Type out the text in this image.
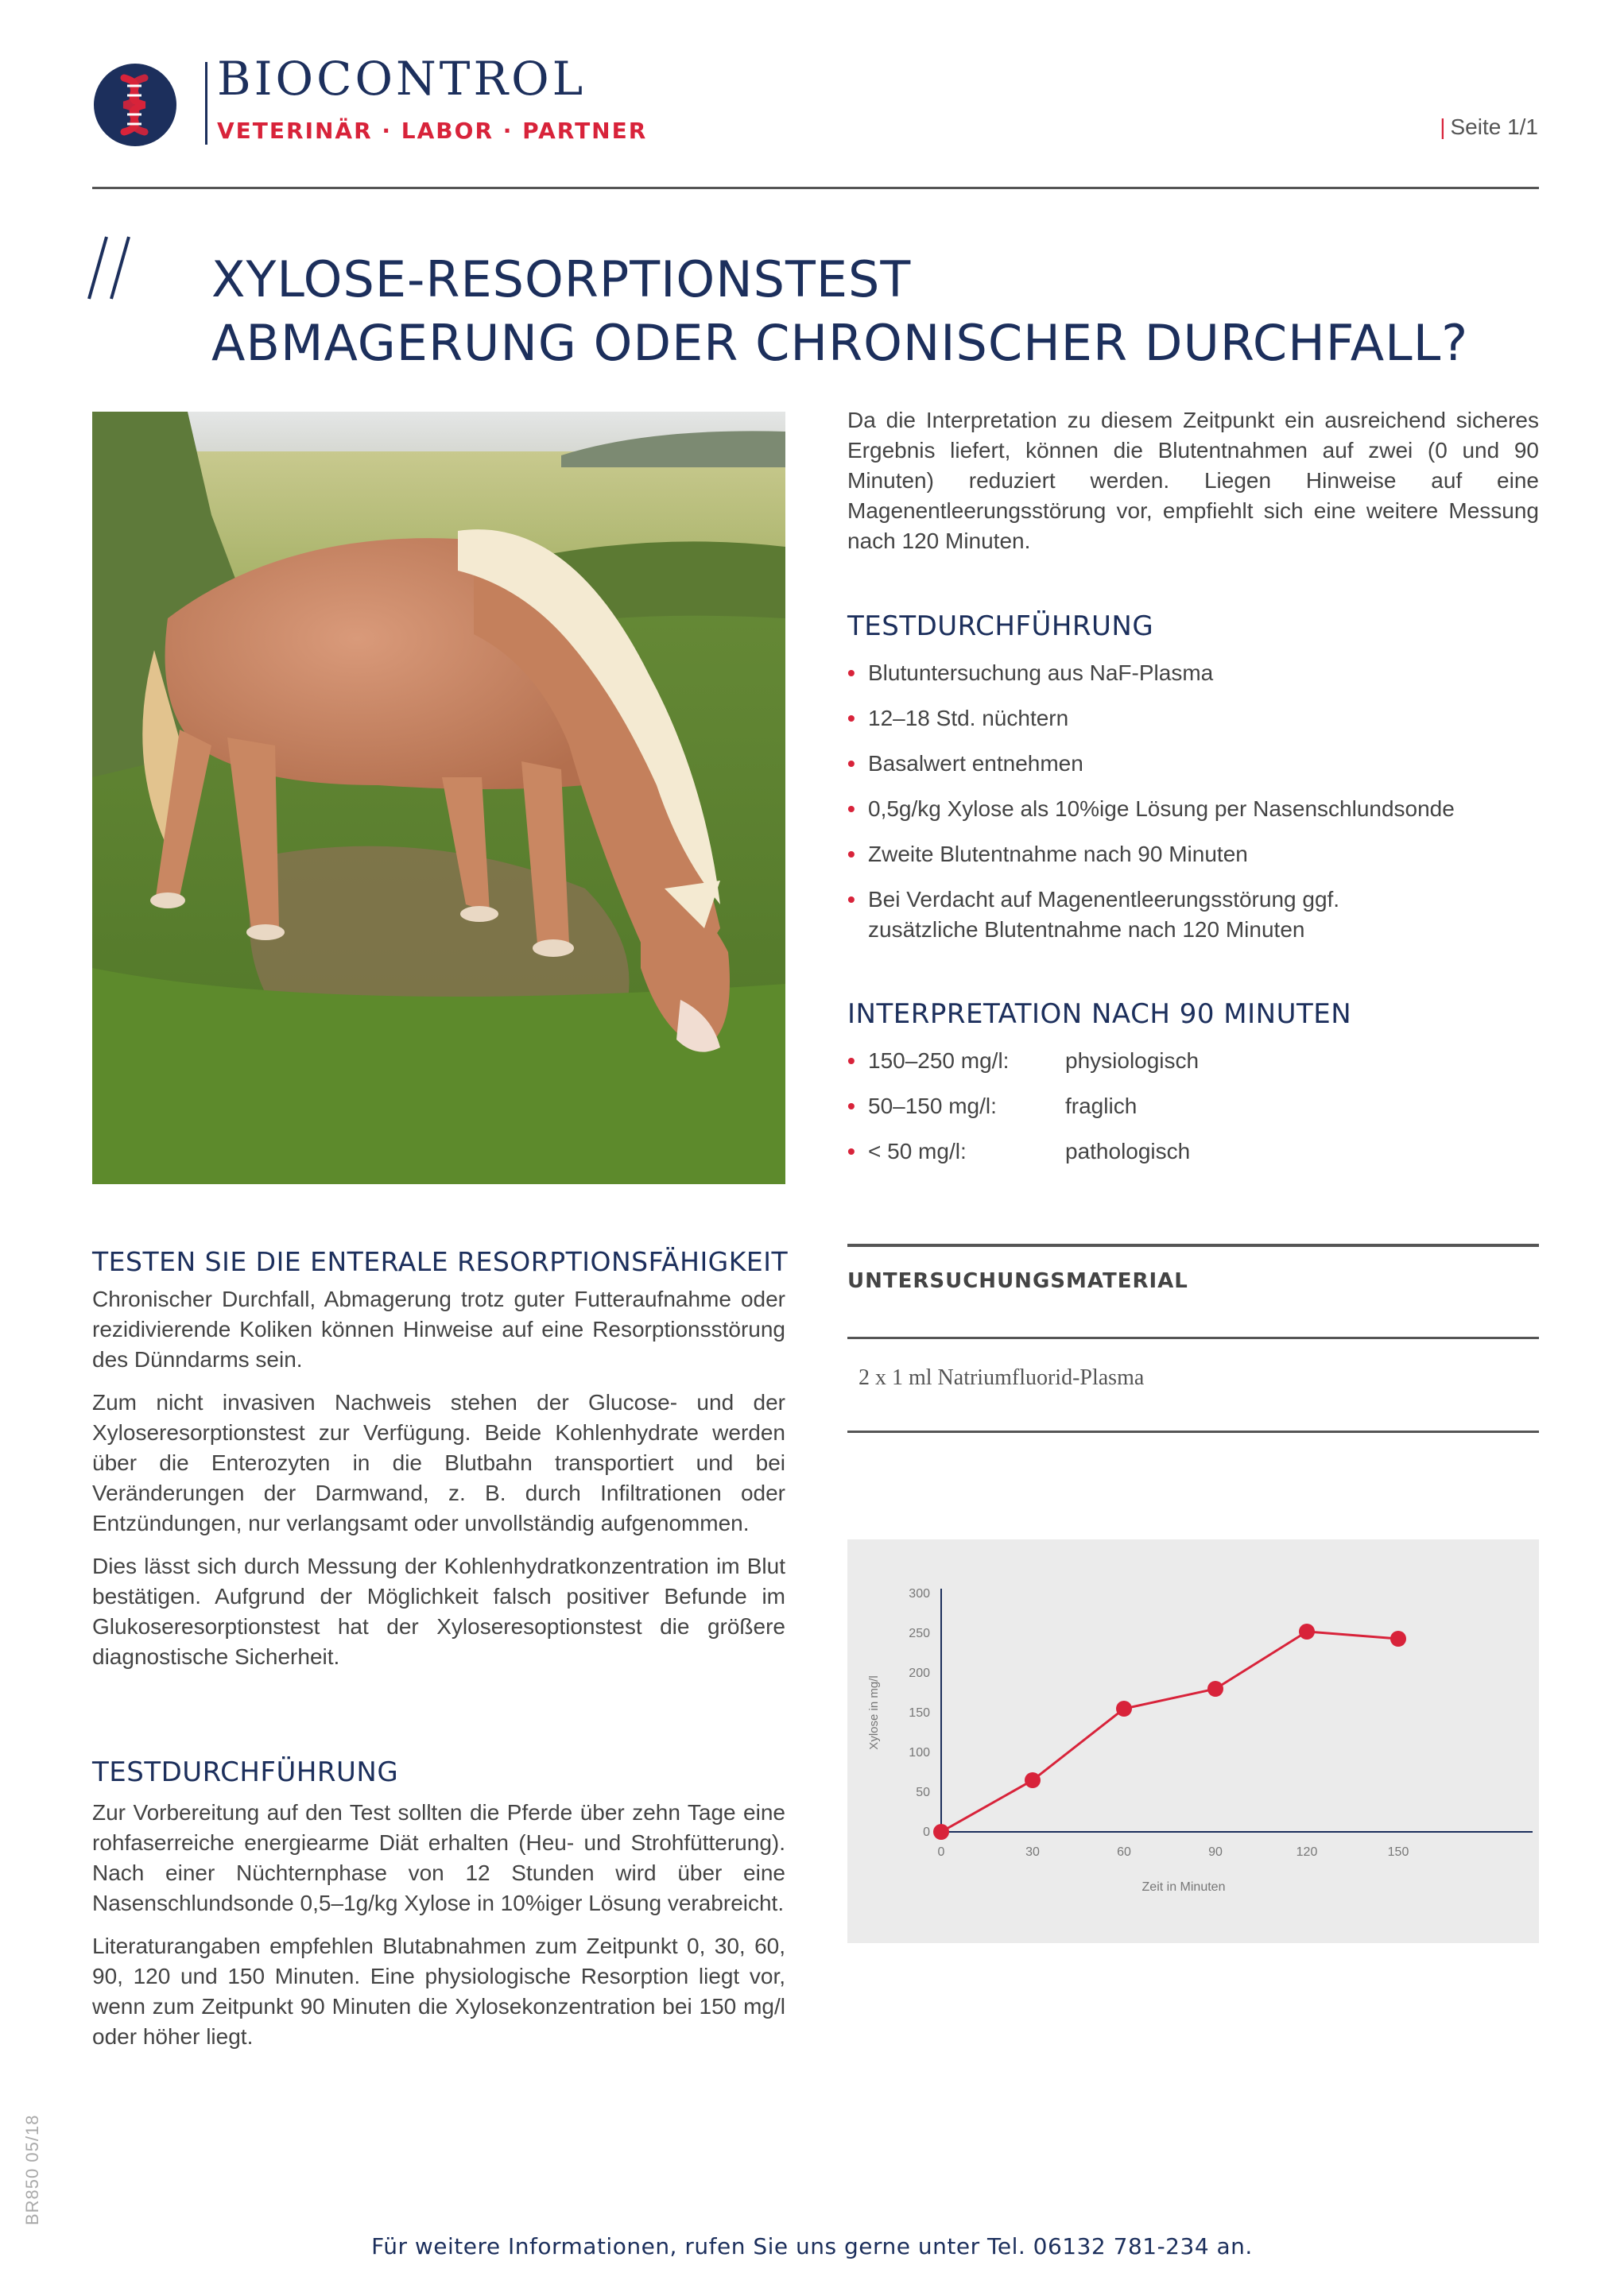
BIOCONTROL
VETERINÄR · LABOR · PARTNER	| Seite 1/1
XYLOSE-RESORPTIONSTEST
ABMAGERUNG ODER CHRONISCHER DURCHFALL?

Da die Interpretation zu diesem Zeitpunkt ein ausreichend sicheres Ergebnis liefert, können die Blutentnahmen auf zwei (0 und 90 Minuten) reduziert werden. Liegen Hinweise auf eine Magenentleerungsstörung vor, empfiehlt sich eine weitere Messung nach 120 Minuten.

TESTDURCHFÜHRUNG
• Blutuntersuchung aus NaF-Plasma
• 12–18 Std. nüchtern
• Basalwert entnehmen
• 0,5g/kg Xylose als 10%ige Lösung per Nasenschlundsonde
• Zweite Blutentnahme nach 90 Minuten
• Bei Verdacht auf Magenentleerungsstörung ggf. zusätzliche Blutentnahme nach 120 Minuten
INTERPRETATION NACH 90 MINUTEN
• 150–250 mg/l:	physiologisch
• 50–150 mg/l:	fraglich
• < 50 mg/l:	pathologisch
UNTERSUCHUNGSMATERIAL
2 x 1 ml Natriumfluorid-Plasma
0
50
100
150
200
250
300
0	30	60	90	120	150
Zeit in Minuten
Xylose in mg/l
TESTEN SIE DIE ENTERALE RESORPTIONSFÄHIGKEIT

Chronischer Durchfall, Abmagerung trotz guter Futteraufnahme oder rezidivierende Koliken können Hinweise auf eine Resorptionsstörung des Dünndarms sein.

Zum nicht invasiven Nachweis stehen der Glucose- und der Xyloseresorptionstest zur Verfügung. Beide Kohlenhydrate werden über die Enterozyten in die Blutbahn transportiert und bei Veränderungen der Darmwand, z. B. durch Infiltrationen oder Entzündungen, nur verlangsamt oder unvollständig aufgenommen.

Dies lässt sich durch Messung der Kohlenhydratkonzentration im Blut bestätigen. Aufgrund der Möglichkeit falsch positiver Befunde im Glukoseresorptionstest hat der Xyloseresoptionstest die größere diagnostische Sicherheit.

TESTDURCHFÜHRUNG

Zur Vorbereitung auf den Test sollten die Pferde über zehn Tage eine rohfaserreiche energiearme Diät erhalten (Heu- und Strohfütterung). Nach einer Nüchternphase von 12 Stunden wird über eine Nasenschlundsonde 0,5–1g/kg Xylose in 10%iger Lösung verabreicht.

Literaturangaben empfehlen Blutabnahmen zum Zeitpunkt 0, 30, 60, 90, 120 und 150 Minuten. Eine physiologische Resorption liegt vor, wenn zum Zeitpunkt 90 Minuten die Xylosekonzentration bei 150 mg/l oder höher liegt.

BR850 05/18
Für weitere Informationen, rufen Sie uns gerne unter Tel. 06132 781-234 an.
